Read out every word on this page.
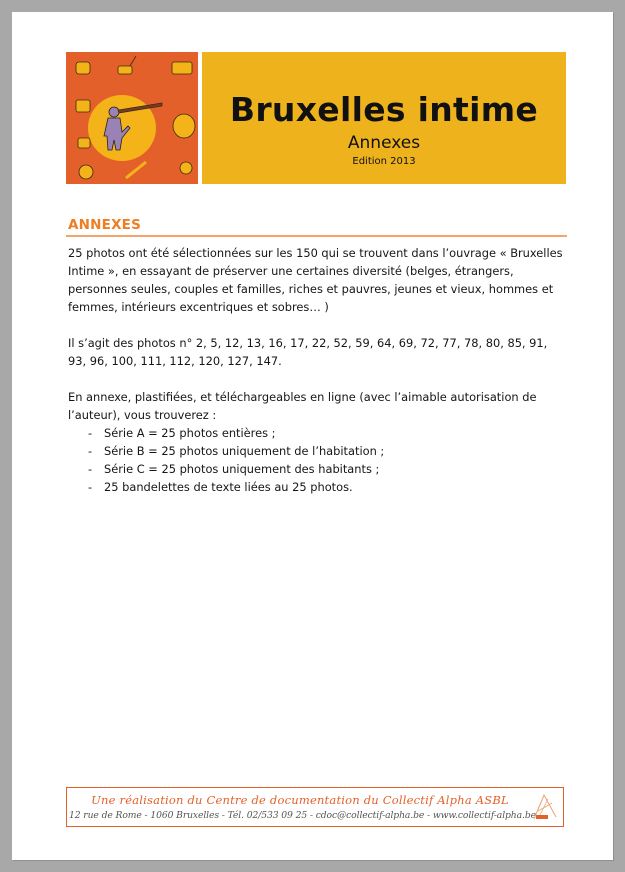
Bruxelles intime
Annexes
Edition 2013
ANNEXES
25 photos ont été sélectionnées sur les 150 qui se trouvent dans l’ouvrage « Bruxelles Intime », en essayant de préserver une certaines diversité (belges, étrangers, personnes seules, couples et familles, riches et pauvres, jeunes et vieux, hommes et femmes, intérieurs excentriques et sobres… )
Il s’agit des photos n° 2, 5, 12, 13, 16, 17, 22, 52, 59, 64, 69, 72, 77, 78, 80, 85, 91, 93, 96, 100, 111, 112, 120, 127, 147.
En annexe, plastifiées, et téléchargeables en ligne (avec l’aimable autorisation de l’auteur), vous trouverez :
- Série A = 25 photos entières ;
- Série B = 25 photos uniquement de l’habitation ;
- Série C = 25 photos uniquement des habitants ;
- 25 bandelettes de texte liées au 25 photos.
Une réalisation du Centre de documentation du Collectif Alpha ASBL
12 rue de Rome - 1060 Bruxelles - Tél. 02/533 09 25 - cdoc@collectif-alpha.be - www.collectif-alpha.be
